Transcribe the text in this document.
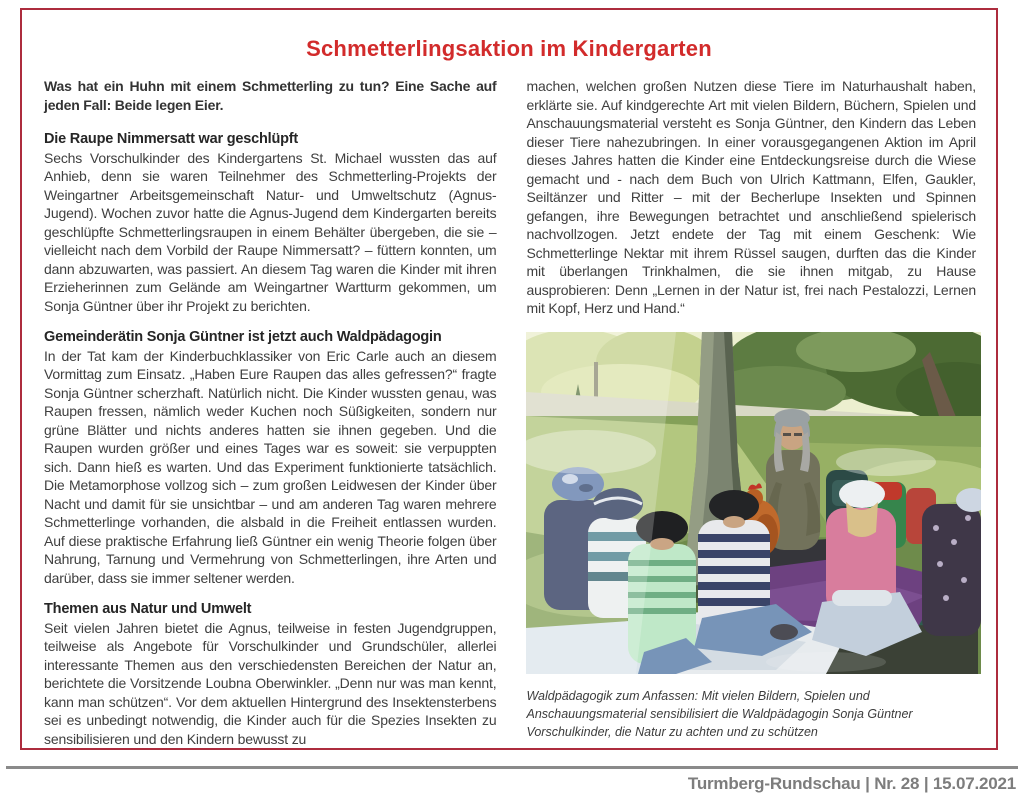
Schmetterlingsaktion im Kindergarten

Was hat ein Huhn mit einem Schmetterling zu tun? Eine Sache auf jeden Fall: Beide legen Eier.

Die Raupe Nimmersatt war geschlüpft

Sechs Vorschulkinder des Kindergartens St. Michael wussten das auf Anhieb, denn sie waren Teilnehmer des Schmetterling-Projekts der Weingartner Arbeitsgemeinschaft Natur- und Umweltschutz (Agnus-Jugend). Wochen zuvor hatte die Agnus-Jugend dem Kindergarten bereits geschlüpfte Schmetterlingsraupen in einem Behälter übergeben, die sie – vielleicht nach dem Vorbild der Raupe Nimmersatt? – füttern konnten, um dann abzuwarten, was passiert. An diesem Tag waren die Kinder mit ihren Erzieherinnen zum Gelände am Weingartner Wartturm gekommen, um Sonja Güntner über ihr Projekt zu berichten.

Gemeinderätin Sonja Güntner ist jetzt auch Waldpädagogin

In der Tat kam der Kinderbuchklassiker von Eric Carle auch an diesem Vormittag zum Einsatz. „Haben Eure Raupen das alles gefressen?“ fragte Sonja Güntner scherzhaft. Natürlich nicht. Die Kinder wussten genau, was Raupen fressen, nämlich weder Kuchen noch Süßigkeiten, sondern nur grüne Blätter und nichts anderes hatten sie ihnen gegeben. Und die Raupen wurden größer und eines Tages war es soweit: sie verpuppten sich. Dann hieß es warten. Und das Experiment funktionierte tatsächlich. Die Metamorphose vollzog sich – zum großen Leidwesen der Kinder über Nacht und damit für sie unsichtbar – und am anderen Tag waren mehrere Schmetterlinge vorhanden, die alsbald in die Freiheit entlassen wurden. Auf diese praktische Erfahrung ließ Güntner ein wenig Theorie folgen über Nahrung, Tarnung und Vermehrung von Schmetterlingen, ihre Arten und darüber, dass sie immer seltener werden.

Themen aus Natur und Umwelt

Seit vielen Jahren bietet die Agnus, teilweise in festen Jugendgruppen, teilweise als Angebote für Vorschulkinder und Grundschüler, allerlei interessante Themen aus den verschiedensten Bereichen der Natur an, berichtete die Vorsitzende Loubna Oberwinkler. „Denn nur was man kennt, kann man schützen“. Vor dem aktuellen Hintergrund des Insektensterbens sei es unbedingt notwendig, die Kinder auch für die Spezies Insekten zu sensibilisieren und den Kindern bewusst zu

machen, welchen großen Nutzen diese Tiere im Naturhaushalt haben, erklärte sie. Auf kindgerechte Art mit vielen Bildern, Büchern, Spielen und Anschauungsmaterial versteht es Sonja Güntner, den Kindern das Leben dieser Tiere nahezubringen. In einer vorausgegangenen Aktion im April dieses Jahres hatten die Kinder eine Entdeckungsreise durch die Wiese gemacht und - nach dem Buch von Ulrich Kattmann, Elfen, Gaukler, Seiltänzer und Ritter – mit der Becherlupe Insekten und Spinnen gefangen, ihre Bewegungen betrachtet und anschließend spielerisch nachvollzogen. Jetzt endete der Tag mit einem Geschenk: Wie Schmetterlinge Nektar mit ihrem Rüssel saugen, durften das die Kinder mit überlangen Trinkhalmen, die sie ihnen mitgab, zu Hause ausprobieren: Denn „Lernen in der Natur ist, frei nach Pestalozzi, Lernen mit Kopf, Herz und Hand.“

Waldpädagogik zum Anfassen: Mit vielen Bildern, Spielen und Anschauungsmaterial sensibilisiert die Waldpädagogin Sonja Güntner Vorschulkinder, die Natur zu achten und zu schützen

Turmberg-Rundschau | Nr. 28 | 15.07.2021
